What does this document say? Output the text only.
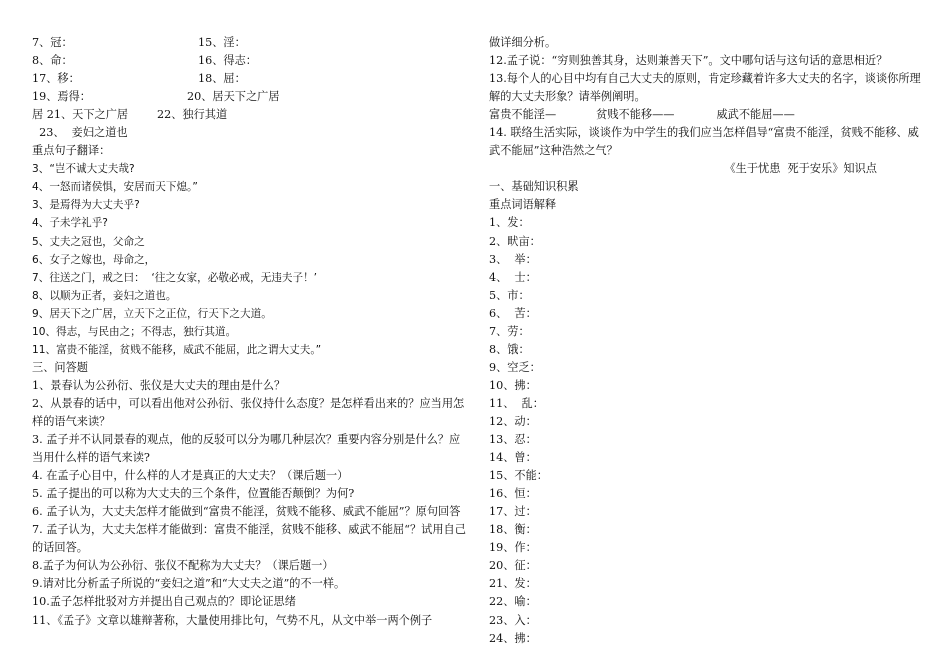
7、冠：	15、淫：
8、命：	16、得志：
17、移：	18、屈：
19、焉得：	20、居天下之广居
居 21、天下之广居	22、独行其道
23、  妾妇之道也
重点句子翻译：
3、“岂不诚大丈夫哉?
4、一怒而诸侯惧，安居而天下熄。”
3、是焉得为大丈夫乎?
4、子未学礼乎?
5、丈夫之冠也，父命之
6、女子之嫁也，母命之，
7、往送之门，戒之曰：  ‘往之女家，必敬必戒，无违夫子！’
8、以顺为正者，妾妇之道也。
9、居天下之广居，立天下之正位，行天下之大道。
10、得志，与民由之；不得志，独行其道。
11、富贵不能淫，贫贱不能移，威武不能屈，此之谓大丈夫。”
三、问答题
1、景春认为公孙衍、张仪是大丈夫的理由是什么？
2、从景春的话中，可以看出他对公孙衍、张仪持什么态度？是怎样看出来的？应当用怎样的语气来读？
3. 孟子并不认同景春的观点，他的反驳可以分为哪几种层次？重要内容分别是什么？应当用什么样的语气来读?
4. 在孟子心目中，什么样的人才是真正的大丈夫？（课后题一）
5. 孟子提出的可以称为大丈夫的三个条件，位置能否颠倒？为何?
6. 孟子认为，大丈夫怎样才能做到“富贵不能淫，贫贱不能移、威武不能屈”？原句回答
7. 孟子认为，大丈夫怎样才能做到：富贵不能淫，贫贱不能移、威武不能屈“？试用自己的话回答。
8.孟子为何认为公孙衍、张仪不配称为大丈夫？（课后题一）
9.请对比分析孟子所说的“妾妇之道”和“大丈夫之道”的不一样。
10.孟子怎样批驳对方并提出自己观点的？即论证思绪
11、《孟子》文章以雄辩著称，大量使用排比句，气势不凡，从文中举一两个例子
做详细分析。
12.孟子说：“穷则独善其身，达则兼善天下”。文中哪句话与这句话的意思相近？
13.每个人的心目中均有自己大丈夫的原则，肯定珍藏着许多大丈夫的名字，谈谈你所理解的大丈夫形象？请举例阐明。
富贵不能淫—	贫贱不能移——	威武不能屈——
14. 联络生活实际，谈谈作为中学生的我们应当怎样倡导“富贵不能淫，贫贱不能移、威武不能屈”这种浩然之气？
《生于忧患  死于安乐》知识点
一、基础知识积累
重点词语解释
1、发：
2、畎亩：
3、  举：
4、  士：
5、市：
6、  苦：
7、劳：
8、饿：
9、空乏：
10、拂：
11、  乱：
12、动：
13、忍：
14、曾：
15、不能：
16、恒：
17、过：
18、衡：
19、作：
20、征：
21、发：
22、喻：
23、入：
24、拂：
